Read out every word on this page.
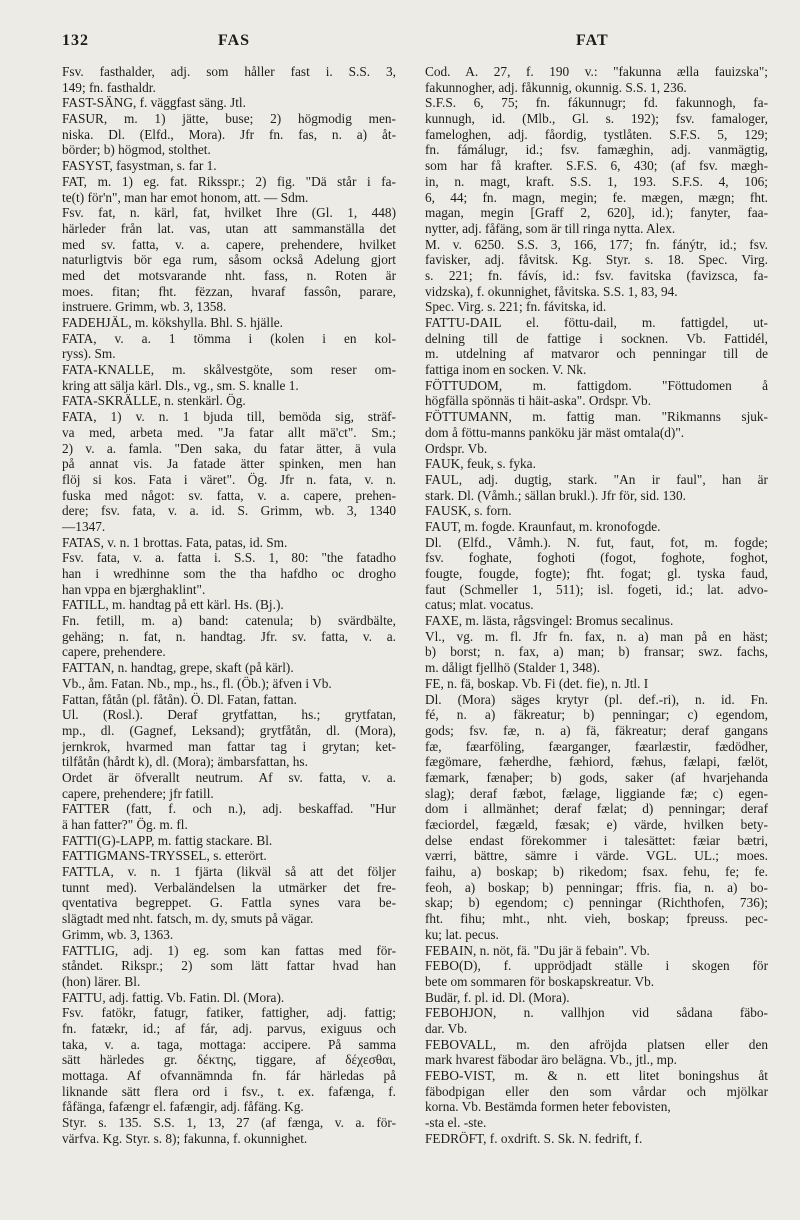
132	FAS	FAT
Fsv. fasthalder, adj. som håller fast i. S.S. 3,
149; fn. fasthaldr.
FAST-SÄNG, f. väggfast säng. Jtl.
FASUR, m. 1) jätte, buse; 2) högmodig men-
niska. Dl. (Elfd., Mora). Jfr fn. fas, n. a) åt-
börder; b) högmod, stolthet.
FASYST, fasystman, s. far 1.
FAT, m. 1) eg. fat. Riksspr.; 2) fig. "Dä står i fa-
te(t) för'n", man har emot honom, att. — Sdm.
Fsv. fat, n. kärl, fat, hvilket Ihre (Gl. 1, 448)
härleder från lat. vas, utan att sammanställa det
med sv. fatta, v. a. capere, prehendere, hvilket
naturligtvis bör ega rum, såsom också Adelung gjort
med det motsvarande nht. fass, n. Roten är
moes. fitan; fht. fëzzan, hvaraf fassôn, parare,
instruere. Grimm, wb. 3, 1358.
FADEHJÄL, m. kökshylla. Bhl. S. hjälle.
FATA, v. a. 1 tömma i (kolen i en kol-
ryss). Sm.
FATA-KNALLE, m. skålvestgöte, som reser om-
kring att sälja kärl. Dls., vg., sm. S. knalle 1.
FATA-SKRÄLLE, n. stenkärl. Ög.
FATA, 1) v. n. 1 bjuda till, bemöda sig, sträf-
va med, arbeta med. "Ja fatar allt mä'ct". Sm.;
2) v. a. famla. "Den saka, du fatar ätter, ä vula
på annat vis. Ja fatade ätter spinken, men han
flöj si kos. Fata i väret". Ög. Jfr n. fata, v. n.
fuska med något: sv. fatta, v. a. capere, prehen-
dere; fsv. fata, v. a. id. S. Grimm, wb. 3, 1340
—1347.
FATAS, v. n. 1 brottas. Fata, patas, id. Sm.
Fsv. fata, v. a. fatta i. S.S. 1, 80: "the fatadho
han i wredhinne som the tha hafdho oc drogho
han vppa en bjærghaklint".
FATILL, m. handtag på ett kärl. Hs. (Bj.).
Fn. fetill, m. a) band: catenula; b) svärdbälte,
gehäng; n. fat, n. handtag. Jfr. sv. fatta, v. a.
capere, prehendere.
FATTAN, n. handtag, grepe, skaft (på kärl).
Vb., åm. Fatan. Nb., mp., hs., fl. (Öb.); äfven i Vb.
Fattan, fåtån (pl. fåtån). Ö. Dl. Fatan, fattan.
Ul. (Rosl.). Deraf grytfattan, hs.; grytfatan,
mp., dl. (Gagnef, Leksand); grytfåtån, dl. (Mora),
jernkrok, hvarmed man fattar tag i grytan; ket-
tilfåtån (hårdt k), dl. (Mora); ämbarsfattan, hs.
Ordet är öfverallt neutrum. Af sv. fatta, v. a.
capere, prehendere; jfr fatill.
FATTER (fatt, f. och n.), adj. beskaffad. "Hur
ä han fatter?" Ög. m. fl.
FATTI(G)-LAPP, m. fattig stackare. Bl.
FATTIGMANS-TRYSSEL, s. etterört.
FATTLA, v. n. 1 fjärta (likväl så att det följer
tunnt med). Verbaländelsen la utmärker det fre-
qventativa begreppet. G. Fattla synes vara be-
slägtadt med nht. fatsch, m. dy, smuts på vägar.
Grimm, wb. 3, 1363.
FATTLIG, adj. 1) eg. som kan fattas med för-
ståndet. Rikspr.; 2) som lätt fattar hvad han
(hon) lärer. Bl.
FATTU, adj. fattig. Vb. Fatin. Dl. (Mora).
Fsv. fatökr, fatugr, fatiker, fattigher, adj. fattig;
fn. fatækr, id.; af fár, adj. parvus, exiguus och
taka, v. a. taga, mottaga: accipere. På samma
sätt härledes gr. δέκτης, tiggare, af δέχεσθαι,
mottaga. Af ofvannämnda fn. fár härledas på
liknande sätt flera ord i fsv., t. ex. fafænga, f.
fåfänga, fafængr el. fafængir, adj. fåfäng. Kg.
Styr. s. 135. S.S. 1, 13, 27 (af fænga, v. a. för-
värfva. Kg. Styr. s. 8); fakunna, f. okunnighet.
Cod. A. 27, f. 190 v.: "fakunna ælla fauizska";
fakunnogher, adj. fåkunnig, okunnig. S.S. 1, 236.
S.F.S. 6, 75; fn. fákunnugr; fd. fakunnogh, fa-
kunnugh, id. (Mlb., Gl. s. 192); fsv. famaloger,
fameloghen, adj. fåordig, tystlåten. S.F.S. 5, 129;
fn. fámálugr, id.; fsv. famæghin, adj. vanmägtig,
som har få krafter. S.F.S. 6, 430; (af fsv. mægh-
in, n. magt, kraft. S.S. 1, 193. S.F.S. 4, 106;
6, 44; fn. magn, megin; fe. mægen, mægn; fht.
magan, megin [Graff 2, 620], id.); fanyter, faa-
nytter, adj. fåfäng, som är till ringa nytta. Alex.
M. v. 6250. S.S. 3, 166, 177; fn. fánýtr, id.; fsv.
favisker, adj. fåvitsk. Kg. Styr. s. 18. Spec. Virg.
s. 221; fn. fávís, id.: fsv. favitska (favizsca, fa-
vidzska), f. okunnighet, fåvitska. S.S. 1, 83, 94.
Spec. Virg. s. 221; fn. fávitska, id.
FATTU-DAIL el. föttu-dail, m. fattigdel, ut-
delning till de fattige i socknen. Vb. Fattidél,
m. utdelning af matvaror och penningar till de
fattiga inom en socken. V. Nk.
FÖTTUDOM, m. fattigdom. "Föttudomen å
högfälla spönnäs ti häit-aska". Ordspr. Vb.
FÖTTUMANN, m. fattig man. "Rikmanns sjuk-
dom å föttu-manns panköku jär mäst omtala(d)".
Ordspr. Vb.
FAUK, feuk, s. fyka.
FAUL, adj. dugtig, stark. "An ir faul", han är
stark. Dl. (Våmh.; sällan brukl.). Jfr för, sid. 130.
FAUSK, s. forn.
FAUT, m. fogde. Kraunfaut, m. kronofogde.
Dl. (Elfd., Våmh.). N. fut, faut, fot, m. fogde;
fsv. foghate, foghoti (fogot, foghote, foghot,
fougte, fougde, fogte); fht. fogat; gl. tyska faud,
faut (Schmeller 1, 511); isl. fogeti, id.; lat. advo-
catus; mlat. vocatus.
FAXE, m. lästa, rågsvingel: Bromus secalinus.
Vl., vg. m. fl. Jfr fn. fax, n. a) man på en häst;
b) borst; n. fax, a) man; b) fransar; swz. fachs,
m. dåligt fjellhö (Stalder 1, 348).
FE, n. fä, boskap. Vb. Fi (det. fie), n. Jtl. I
Dl. (Mora) säges krytyr (pl. def.-ri), n. id. Fn.
fé, n. a) fäkreatur; b) penningar; c) egendom,
gods; fsv. fæ, n. a) fä, fäkreatur; deraf gangans
fæ, fæarföling, fæarganger, fæarlæstir, fædödher,
fægömare, fæherdhe, fæhiord, fæhus, fælapi, fælöt,
fæmark, fænaþer; b) gods, saker (af hvarjehanda
slag); deraf fæbot, fælage, liggiande fæ; c) egen-
dom i allmänhet; deraf fælat; d) penningar; deraf
fæciordel, fægæld, fæsak; e) värde, hvilken bety-
delse endast förekommer i talesättet: fæiar bætri,
værri, bättre, sämre i värde. VGL. UL.; moes.
faihu, a) boskap; b) rikedom; fsax. fehu, fe; fe.
feoh, a) boskap; b) penningar; ffris. fia, n. a) bo-
skap; b) egendom; c) penningar (Richthofen, 736);
fht. fihu; mht., nht. vieh, boskap; fpreuss. pec-
ku; lat. pecus.
FEBAIN, n. nöt, fä. "Du jär ä febain". Vb.
FEBO(D), f. upprödjadt ställe i skogen för
bete om sommaren för boskapskreatur. Vb.
Budär, f. pl. id. Dl. (Mora).
FEBOHJON, n. vallhjon vid sådana fäbo-
dar. Vb.
FEBOVALL, m. den afröjda platsen eller den
mark hvarest fäbodar äro belägna. Vb., jtl., mp.
FEBO-VIST, m. & n. ett litet boningshus åt
fäbodpigan eller den som vårdar och mjölkar
korna. Vb. Bestämda formen heter febovisten,
-sta el. -ste.
FEDRÖFT, f. oxdrift. S. Sk. N. fedrift, f.
